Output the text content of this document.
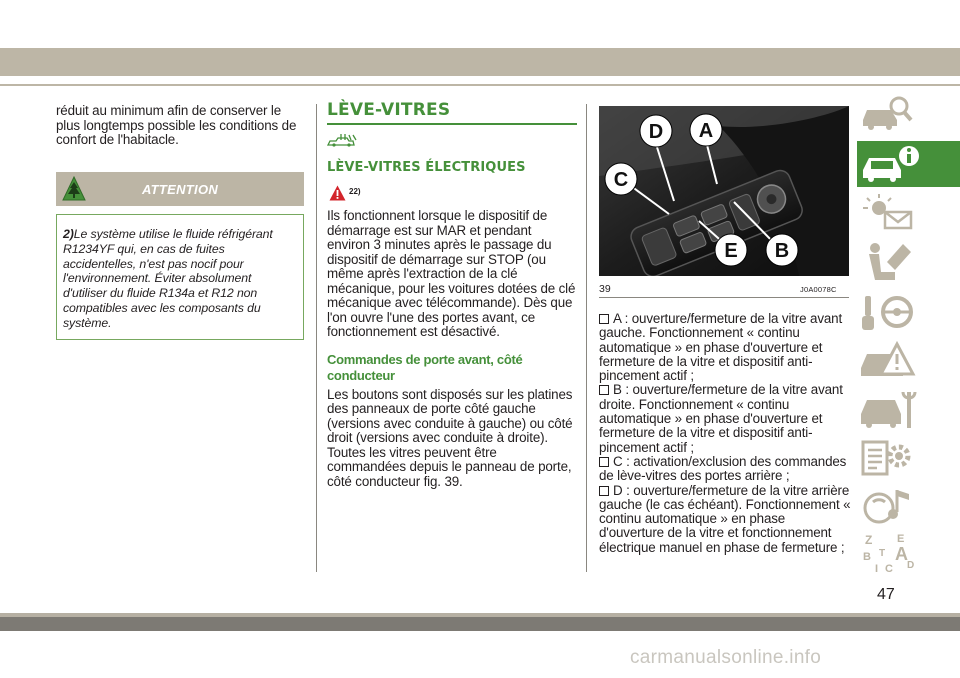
réduit au minimum afin de conserver le plus longtemps possible les conditions de confort de l'habitacle.

ATTENTION

2)Le système utilise le fluide réfrigérant R1234YF qui, en cas de fuites accidentelles, n'est pas nocif pour l'environnement. Éviter absolument d'utiliser du fluide R134a et R12 non compatibles avec les composants du système.

LÈVE-VITRES
LÈVE-VITRES ÉLECTRIQUES
22)

Ils fonctionnent lorsque le dispositif de démarrage est sur MAR et pendant environ 3 minutes après le passage du dispositif de démarrage sur STOP (ou même après l'extraction de la clé mécanique, pour les voitures dotées de clé mécanique avec télécommande). Dès que l'on ouvre l'une des portes avant, ce fonctionnement est désactivé.

Commandes de porte avant, côté conducteur

Les boutons sont disposés sur les platines des panneaux de porte côté gauche (versions avec conduite à gauche) ou côté droit (versions avec conduite à droite). Toutes les vitres peuvent être commandées depuis le panneau de porte, côté conducteur fig. 39.

D A
C
E B
39	J0A0078C

A : ouverture/fermeture de la vitre avant gauche. Fonctionnement « continu automatique » en phase d'ouverture et fermeture de la vitre et dispositif anti-pincement actif ;

B : ouverture/fermeture de la vitre avant droite. Fonctionnement « continu automatique » en phase d'ouverture et fermeture de la vitre et dispositif anti-pincement actif ;

C : activation/exclusion des commandes de lève-vitres des portes arrière ;

D : ouverture/fermeture de la vitre arrière gauche (le cas échéant). Fonctionnement « continu automatique » en phase d'ouverture de la vitre et fonctionnement électrique manuel en phase de fermeture ;	Z E
B A
I C
T
D
47
carmanualsonline.info
